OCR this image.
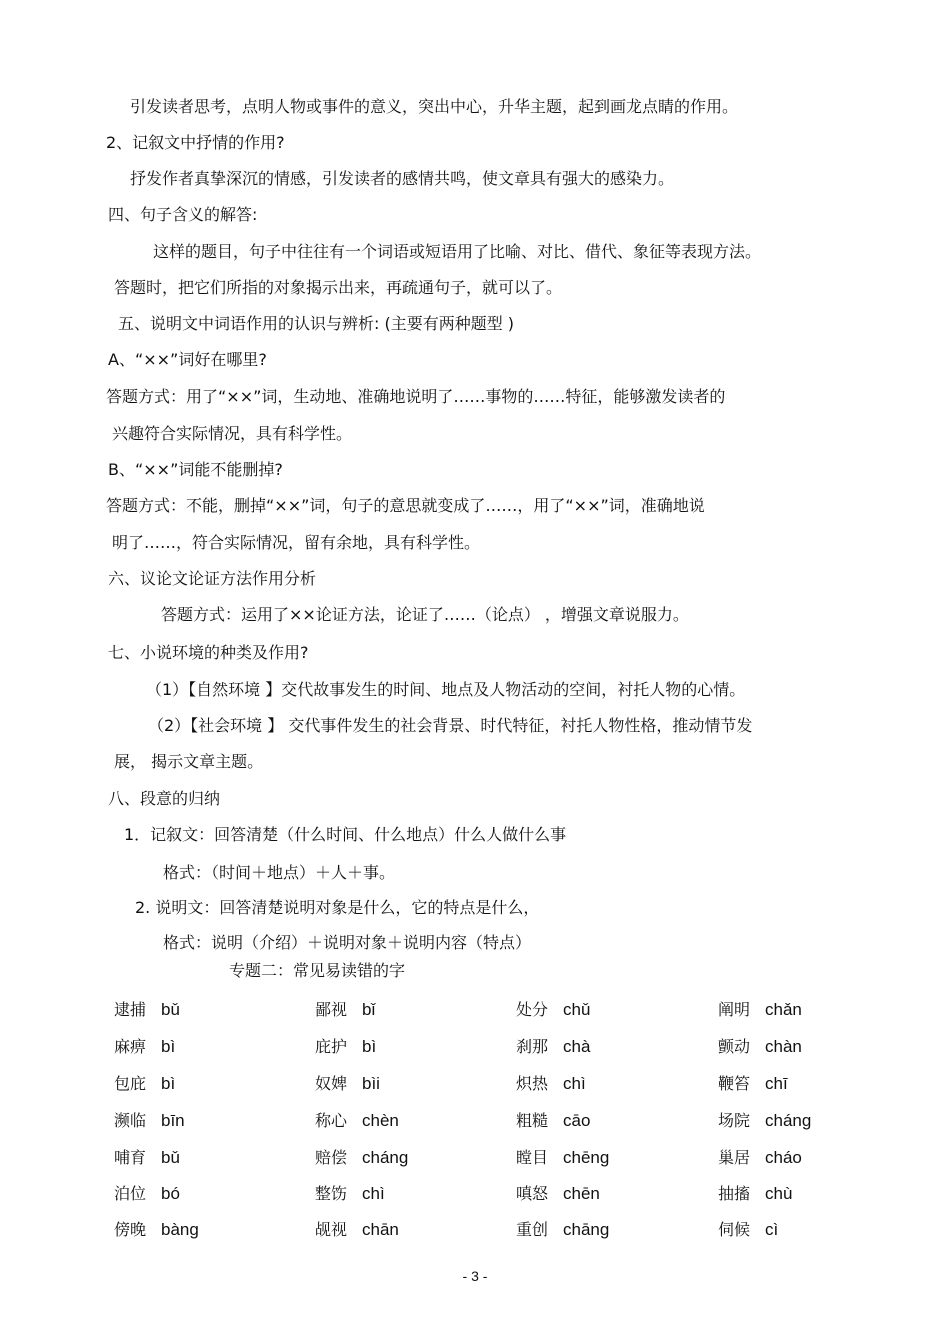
引发读者思考，点明人物或事件的意义，突出中心，升华主题，起到画龙点睛的作用。
2、记叙文中抒情的作用?
抒发作者真挚深沉的情感，引发读者的感情共鸣，使文章具有强大的感染力。
四、句子含义的解答:
这样的题目，句子中往往有一个词语或短语用了比喻、对比、借代、象征等表现方法。
答题时，把它们所指的对象揭示出来，再疏通句子，就可以了。
五、说明文中词语作用的认识与辨析: (主要有两种题型 )
A、“××”词好在哪里?
答题方式：用了“××”词，生动地、准确地说明了……事物的……特征，能够激发读者的
兴趣符合实际情况，具有科学性。
B、“××”词能不能删掉?
答题方式：不能，删掉“××”词，句子的意思就变成了……，用了“××”词，准确地说
明了……，符合实际情况，留有余地，具有科学性。
六、议论文论证方法作用分析
答题方式：运用了××论证方法，论证了……（论点） ，增强文章说服力。
七、小说环境的种类及作用?
（1）【自然环境 】交代故事发生的时间、地点及人物活动的空间，衬托人物的心情。
（2）【社会环境 】 交代事件发生的社会背景、时代特征，衬托人物性格，推动情节发
展， 揭示文章主题。
八、段意的归纳
1．记叙文：回答清楚（什么时间、什么地点）什么人做什么事
格式：（时间＋地点）＋人＋事。
2. 说明文：回答清楚说明对象是什么，它的特点是什么，
格式：说明（介绍）＋说明对象＋说明内容（特点）
专题二：常见易读错的字
逮捕 bǔ	鄙视 bǐ	处分 chǔ	阐明 chǎn
麻痹 bì	庇护 bì	刹那 chà	颤动 chàn
包庇 bì	奴婢 bìi	炽热 chì	鞭笞 chī
濒临 bīn	称心 chèn	粗糙 cāo	场院 cháng
哺育 bǔ	赔偿 cháng	瞠目 chēng	巢居 cháo
泊位 bó	整饬 chì	嗔怒 chēn	抽搐 chù
傍晚 bàng	觇视 chān	重创 chāng	伺候 cì
- 3 -
